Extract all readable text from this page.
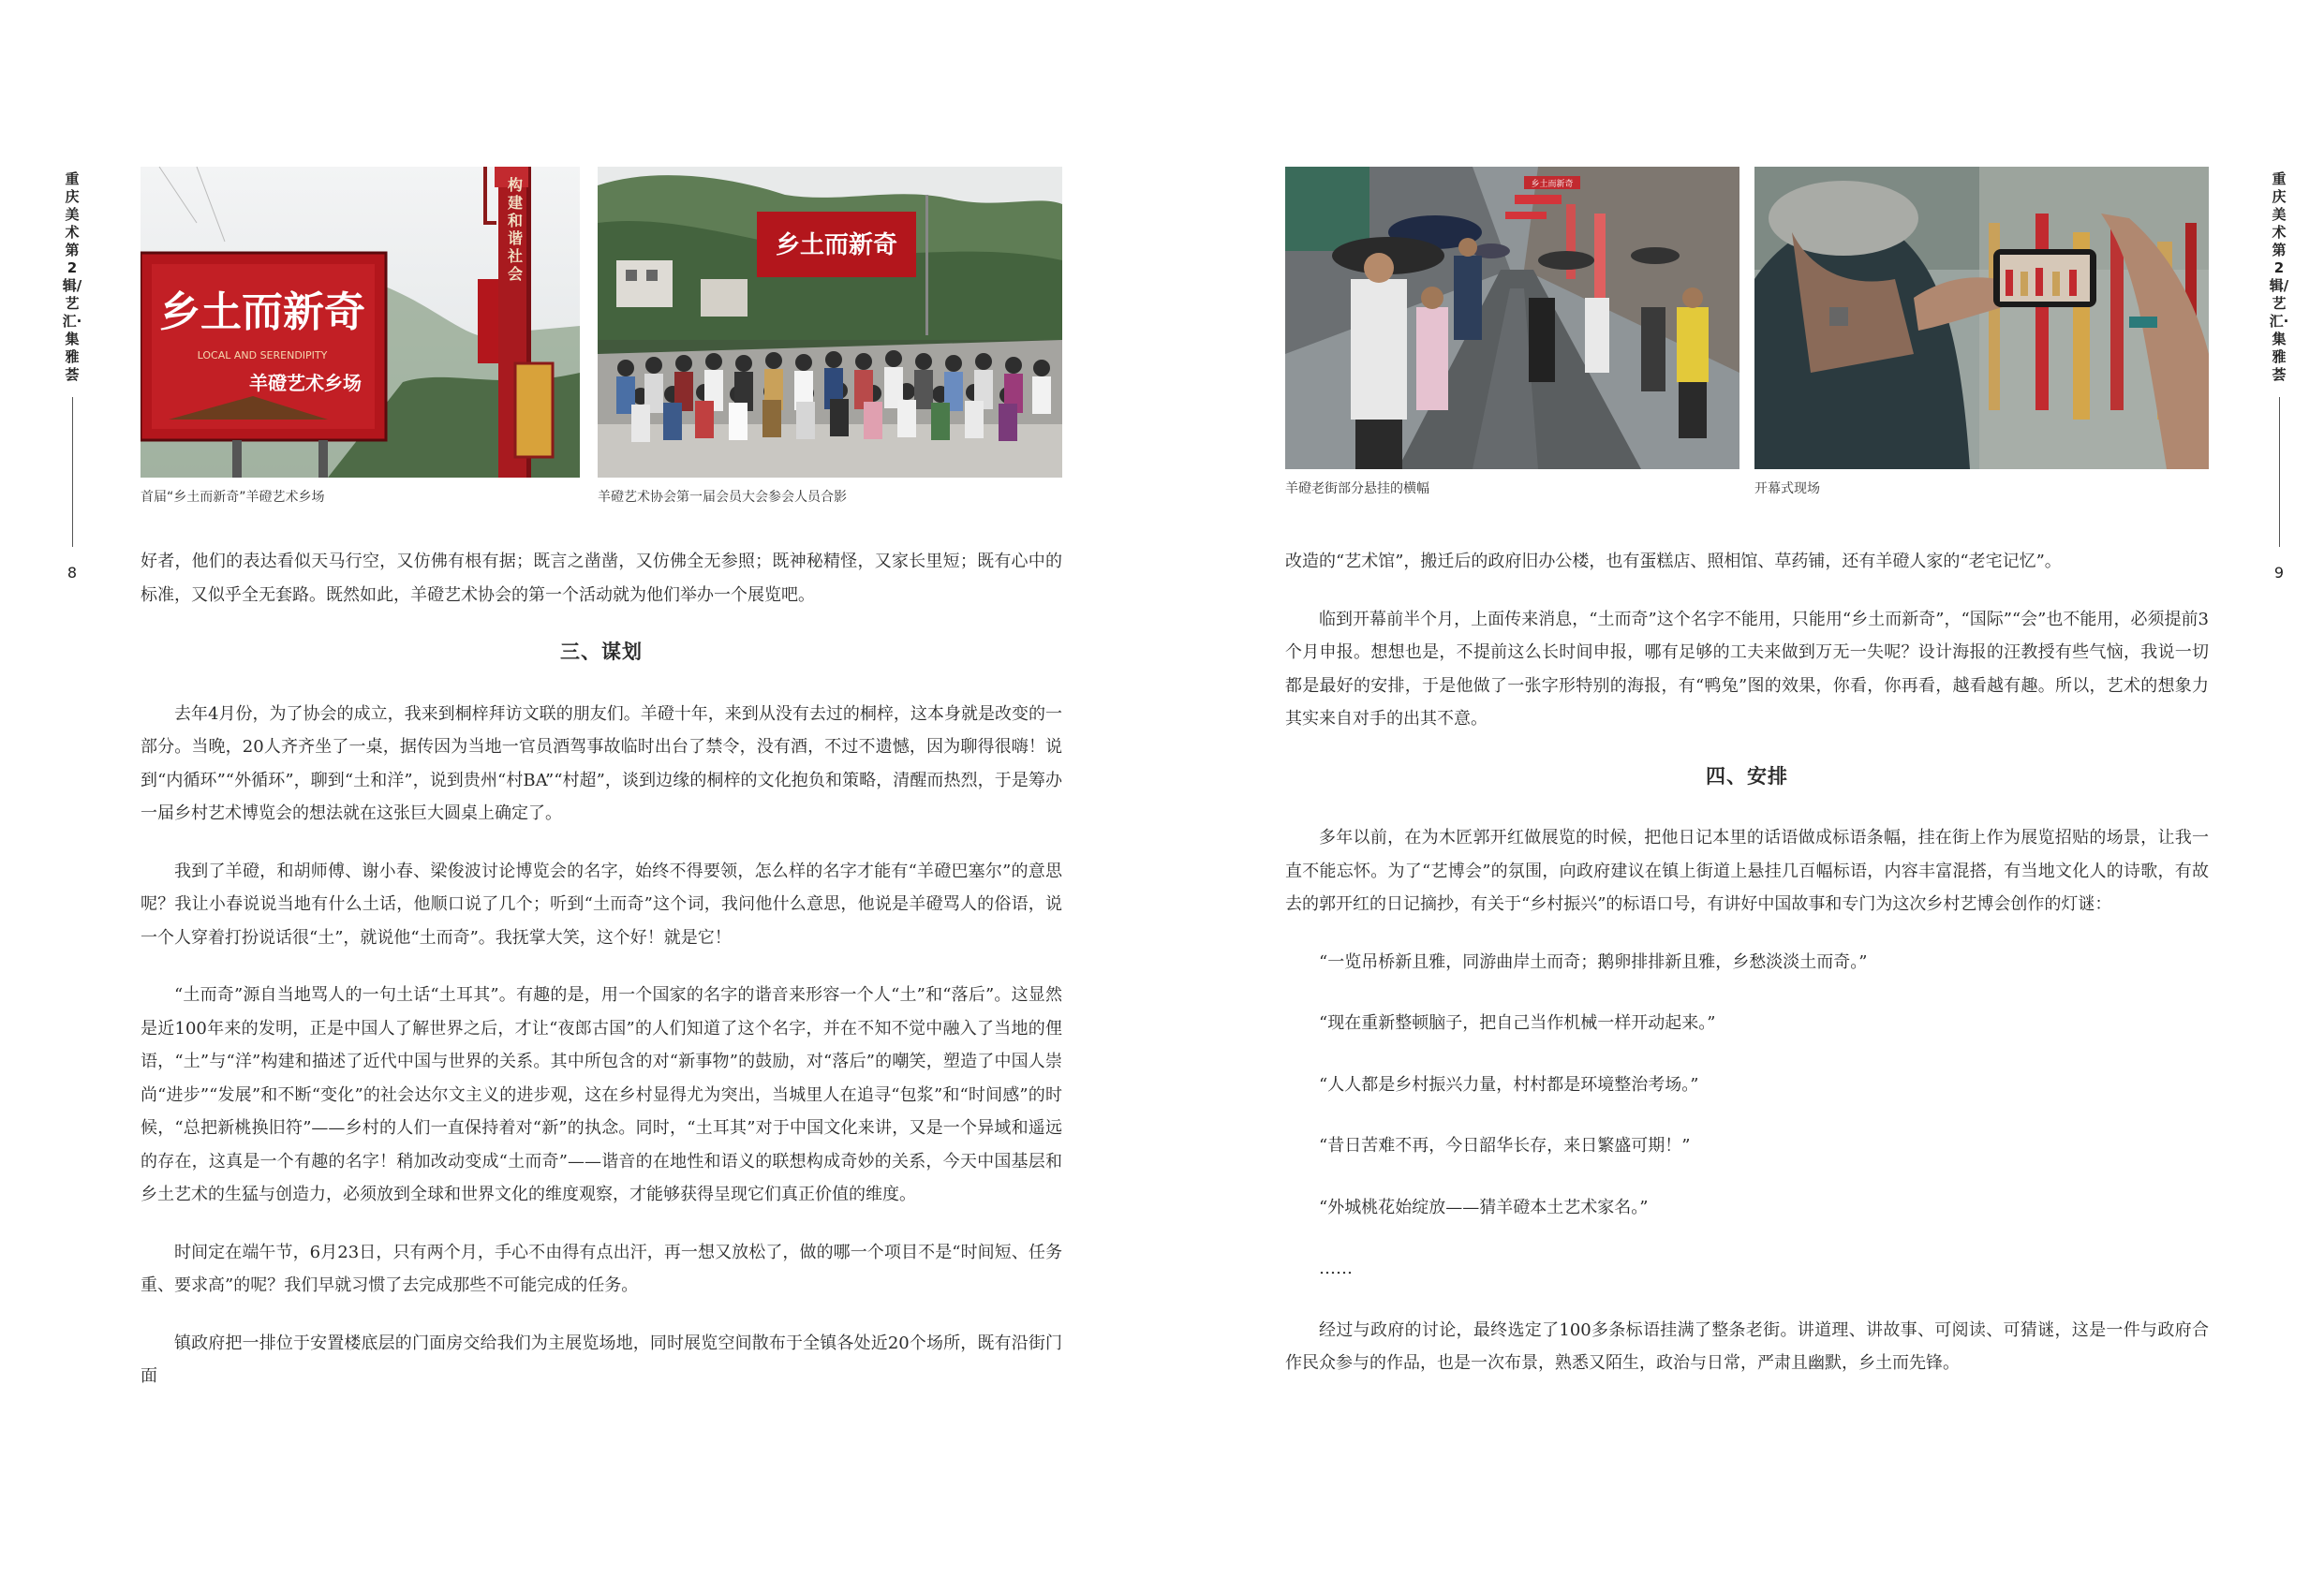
重庆美术第2辑/艺汇·集雅荟
8
乡土而新奇
LOCAL AND SERENDIPITY
羊磴艺术乡场
构建和谐社会
首届“乡土而新奇”羊磴艺术乡场
乡土而新奇
羊磴艺术协会第一届会员大会参会人员合影

好者，他们的表达看似天马行空，又仿佛有根有据；既言之凿凿，又仿佛全无参照；既神秘精怪，又家长里短；既有心中的标准，又似乎全无套路。既然如此，羊磴艺术协会的第一个活动就为他们举办一个展览吧。

三、谋划

去年4月份，为了协会的成立，我来到桐梓拜访文联的朋友们。羊磴十年，来到从没有去过的桐梓，这本身就是改变的一部分。当晚，20人齐齐坐了一桌，据传因为当地一官员酒驾事故临时出台了禁令，没有酒，不过不遗憾，因为聊得很嗨！说到“内循环”“外循环”，聊到“土和洋”，说到贵州“村BA”“村超”，谈到边缘的桐梓的文化抱负和策略，清醒而热烈，于是筹办一届乡村艺术博览会的想法就在这张巨大圆桌上确定了。

我到了羊磴，和胡师傅、谢小春、梁俊波讨论博览会的名字，始终不得要领，怎么样的名字才能有“羊磴巴塞尔”的意思呢？我让小春说说当地有什么土话，他顺口说了几个；听到“土而奇”这个词，我问他什么意思，他说是羊磴骂人的俗语，说一个人穿着打扮说话很“土”，就说他“土而奇”。我抚掌大笑，这个好！就是它！

“土而奇”源自当地骂人的一句土话“土耳其”。有趣的是，用一个国家的名字的谐音来形容一个人“土”和“落后”。这显然是近100年来的发明，正是中国人了解世界之后，才让“夜郎古国”的人们知道了这个名字，并在不知不觉中融入了当地的俚语，“土”与“洋”构建和描述了近代中国与世界的关系。其中所包含的对“新事物”的鼓励，对“落后”的嘲笑，塑造了中国人崇尚“进步”“发展”和不断“变化”的社会达尔文主义的进步观，这在乡村显得尤为突出，当城里人在追寻“包浆”和“时间感”的时候，“总把新桃换旧符”——乡村的人们一直保持着对“新”的执念。同时，“土耳其”对于中国文化来讲，又是一个异域和遥远的存在，这真是一个有趣的名字！稍加改动变成“土而奇”——谐音的在地性和语义的联想构成奇妙的关系，今天中国基层和乡土艺术的生猛与创造力，必须放到全球和世界文化的维度观察，才能够获得呈现它们真正价值的维度。

时间定在端午节，6月23日，只有两个月，手心不由得有点出汗，再一想又放松了，做的哪一个项目不是“时间短、任务重、要求高”的呢？我们早就习惯了去完成那些不可能完成的任务。

镇政府把一排位于安置楼底层的门面房交给我们为主展览场地，同时展览空间散布于全镇各处近20个场所，既有沿街门面

重庆美术第2辑/艺汇·集雅荟
9
乡土而新奇
羊磴老街部分悬挂的横幅	开幕式现场

改造的“艺术馆”，搬迁后的政府旧办公楼，也有蛋糕店、照相馆、草药铺，还有羊磴人家的“老宅记忆”。

临到开幕前半个月，上面传来消息，“土而奇”这个名字不能用，只能用“乡土而新奇”，“国际”“会”也不能用，必须提前3个月申报。想想也是，不提前这么长时间申报，哪有足够的工夫来做到万无一失呢？设计海报的汪教授有些气恼，我说一切都是最好的安排，于是他做了一张字形特别的海报，有“鸭兔”图的效果，你看，你再看，越看越有趣。所以，艺术的想象力其实来自对手的出其不意。

四、安排

多年以前，在为木匠郭开红做展览的时候，把他日记本里的话语做成标语条幅，挂在街上作为展览招贴的场景，让我一直不能忘怀。为了“艺博会”的氛围，向政府建议在镇上街道上悬挂几百幅标语，内容丰富混搭，有当地文化人的诗歌，有故去的郭开红的日记摘抄，有关于“乡村振兴”的标语口号，有讲好中国故事和专门为这次乡村艺博会创作的灯谜：

“一览吊桥新且雅，同游曲岸土而奇；鹅卵排排新且雅，乡愁淡淡土而奇。”

“现在重新整顿脑子，把自己当作机械一样开动起来。”

“人人都是乡村振兴力量，村村都是环境整治考场。”

“昔日苦难不再，今日韶华长存，来日繁盛可期！”

“外城桃花始绽放——猜羊磴本土艺术家名。”

……

经过与政府的讨论，最终选定了100多条标语挂满了整条老街。讲道理、讲故事、可阅读、可猜谜，这是一件与政府合作民众参与的作品，也是一次布景，熟悉又陌生，政治与日常，严肃且幽默，乡土而先锋。
